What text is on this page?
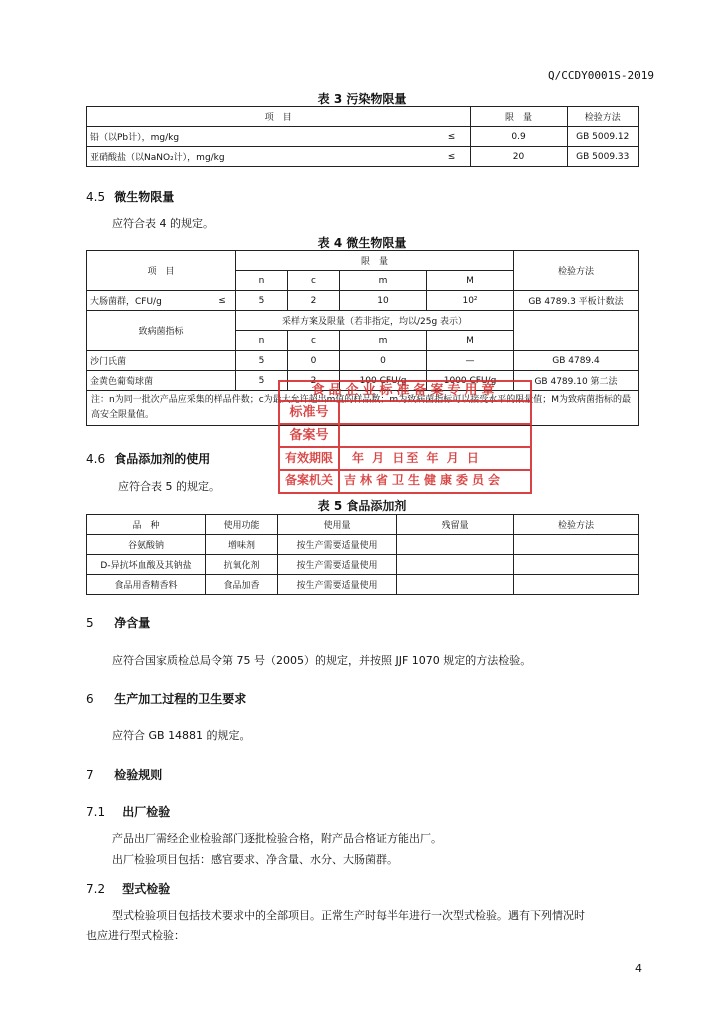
Q/CCDY0001S-2019
表 3 污染物限量
项　目		限　量	检验方法
铅（以Pb计），mg/kg	≤	0.9	GB 5009.12
亚硝酸盐（以NaNO₂计），mg/kg	≤	20	GB 5009.33
4.5 微生物限量
应符合表 4 的规定。
表 4 微生物限量
项　目		限　量				检验方法
		n	c	m	M	
大肠菌群，CFU/g	≤	5	2	10	10²	GB 4789.3 平板计数法
致病菌指标		采样方案及限量（若非指定，均以/25g 表示）				
		n	c	m	M	
沙门氏菌		5	0	0	—	GB 4789.4
金黄色葡萄球菌		5	2	100 CFU/g	1000 CFU/g	GB 4789.10 第二法
注：n为同一批次产品应采集的样品件数；c为最大允许超出m值的样品数；m为致病菌指标可以接受水平的限量值；M为致病菌指标的最高安全限量值。						
食品企业标准备案专用章
标准号
备案号
有效期限	年 月 日至 年 月 日
备案机关 吉林省卫生健康委员会
4.6 食品添加剂的使用
应符合表 5 的规定。
表 5 食品添加剂
品　种	使用功能	使用量	残留量	检验方法
谷氨酸钠	增味剂	按生产需要适量使用		
D-异抗坏血酸及其钠盐	抗氧化剂	按生产需要适量使用		
食品用香精香料	食品加香	按生产需要适量使用		
5 净含量
应符合国家质检总局令第 75 号（2005）的规定，并按照 JJF 1070 规定的方法检验。
6 生产加工过程的卫生要求
应符合 GB 14881 的规定。
7 检验规则
7.1 出厂检验
产品出厂需经企业检验部门逐批检验合格，附产品合格证方能出厂。
出厂检验项目包括：感官要求、净含量、水分、大肠菌群。
7.2 型式检验
型式检验项目包括技术要求中的全部项目。正常生产时每半年进行一次型式检验。遇有下列情况时
也应进行型式检验：
4
